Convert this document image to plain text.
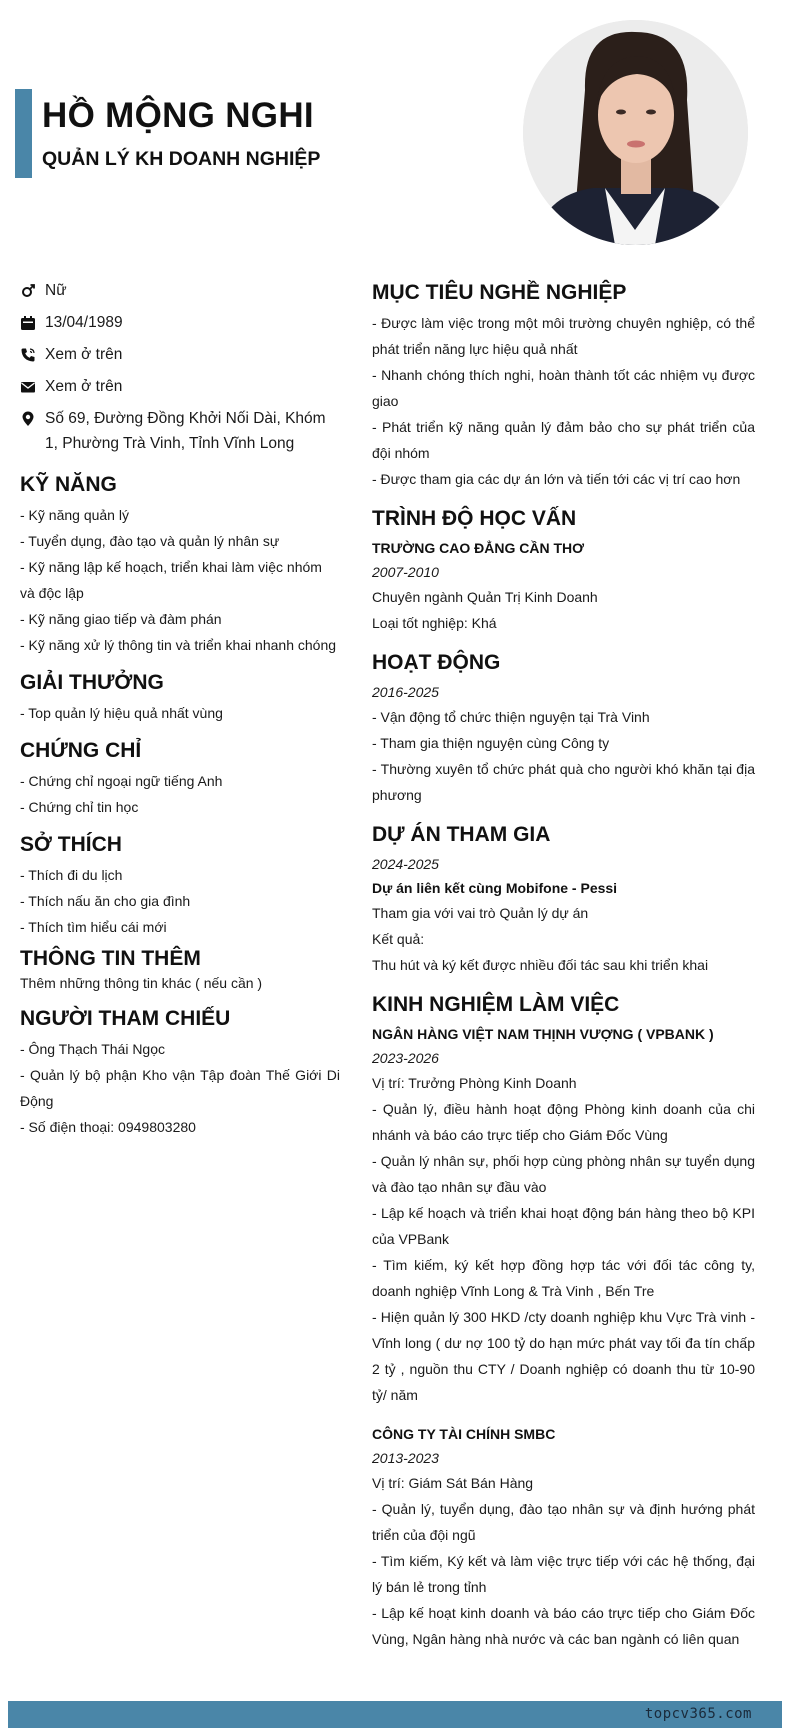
HỒ MỘNG NGHI
QUẢN LÝ KH DOANH NGHIỆP
Nữ
13/04/1989
Xem ở trên
Xem ở trên
Số 69, Đường Đồng Khởi Nối Dài, Khóm 1, Phường Trà Vinh, Tỉnh Vĩnh Long
KỸ NĂNG
- Kỹ năng quản lý
- Tuyển dụng, đào tạo và quản lý nhân sự
- Kỹ năng lập kế hoạch, triển khai làm việc nhóm và độc lập
- Kỹ năng giao tiếp và đàm phán
- Kỹ năng xử lý thông tin và triển khai nhanh chóng
GIẢI THƯỞNG
- Top quản lý hiệu quả nhất vùng
CHỨNG CHỈ
- Chứng chỉ ngoại ngữ tiếng Anh
- Chứng chỉ tin học
SỞ THÍCH
- Thích đi du lịch
- Thích nấu ăn cho gia đình
- Thích tìm hiểu cái mới
THÔNG TIN THÊM
Thêm những thông tin khác ( nếu cần )
NGƯỜI THAM CHIẾU
- Ông Thạch Thái Ngọc
- Quản lý bộ phận Kho vận Tập đoàn Thế Giới Di Động
- Số điện thoại: 0949803280
MỤC TIÊU NGHỀ NGHIỆP
- Được làm việc trong một môi trường chuyên nghiệp, có thể phát triển năng lực hiệu quả nhất
- Nhanh chóng thích nghi, hoàn thành tốt các nhiệm vụ được giao
- Phát triển kỹ năng quản lý đảm bảo cho sự phát triển của đội nhóm
- Được tham gia các dự án lớn và tiến tới các vị trí cao hơn
TRÌNH ĐỘ HỌC VẤN
TRƯỜNG CAO ĐẲNG CẦN THƠ
2007-2010
Chuyên ngành Quản Trị Kinh Doanh
Loại tốt nghiệp: Khá
HOẠT ĐỘNG
2016-2025
- Vận động tổ chức thiện nguyện tại Trà Vinh
- Tham gia thiện nguyện cùng Công ty
- Thường xuyên tổ chức phát quà cho người khó khăn tại địa phương
DỰ ÁN THAM GIA
2024-2025
Dự án liên kết cùng Mobifone - Pessi
Tham gia với vai trò Quản lý dự án
Kết quả:
Thu hút và ký kết được nhiều đối tác sau khi triển khai
KINH NGHIỆM LÀM VIỆC
NGÂN HÀNG VIỆT NAM THỊNH VƯỢNG ( VPBANK )
2023-2026
Vị trí: Trưởng Phòng Kinh Doanh
- Quản lý, điều hành hoạt động Phòng kinh doanh của chi nhánh và báo cáo trực tiếp cho Giám Đốc Vùng
- Quản lý nhân sự, phối hợp cùng phòng nhân sự tuyển dụng và đào tạo nhân sự đầu vào
- Lập kế hoạch và triển khai hoạt động bán hàng theo bộ KPI của VPBank
- Tìm kiếm, ký kết hợp đồng hợp tác với đối tác công ty, doanh nghiệp Vĩnh Long & Trà Vinh , Bến Tre
- Hiện quản lý 300 HKD /cty doanh nghiệp khu Vực Trà vinh - Vĩnh long ( dư nợ 100 tỷ do hạn mức phát vay tối đa tín chấp 2 tỷ , nguồn thu CTY / Doanh nghiệp có doanh thu từ 10-90 tỷ/ năm
CÔNG TY TÀI CHÍNH SMBC
2013-2023
Vị trí: Giám Sát Bán Hàng
- Quản lý, tuyển dụng, đào tạo nhân sự và định hướng phát triển của đội ngũ
- Tìm kiếm, Ký kết và làm việc trực tiếp với các hệ thống, đại lý bán lẻ trong tỉnh
- Lập kế hoạt kinh doanh và báo cáo trực tiếp cho Giám Đốc Vùng, Ngân hàng nhà nước và các ban ngành có liên quan
topcv365.com
